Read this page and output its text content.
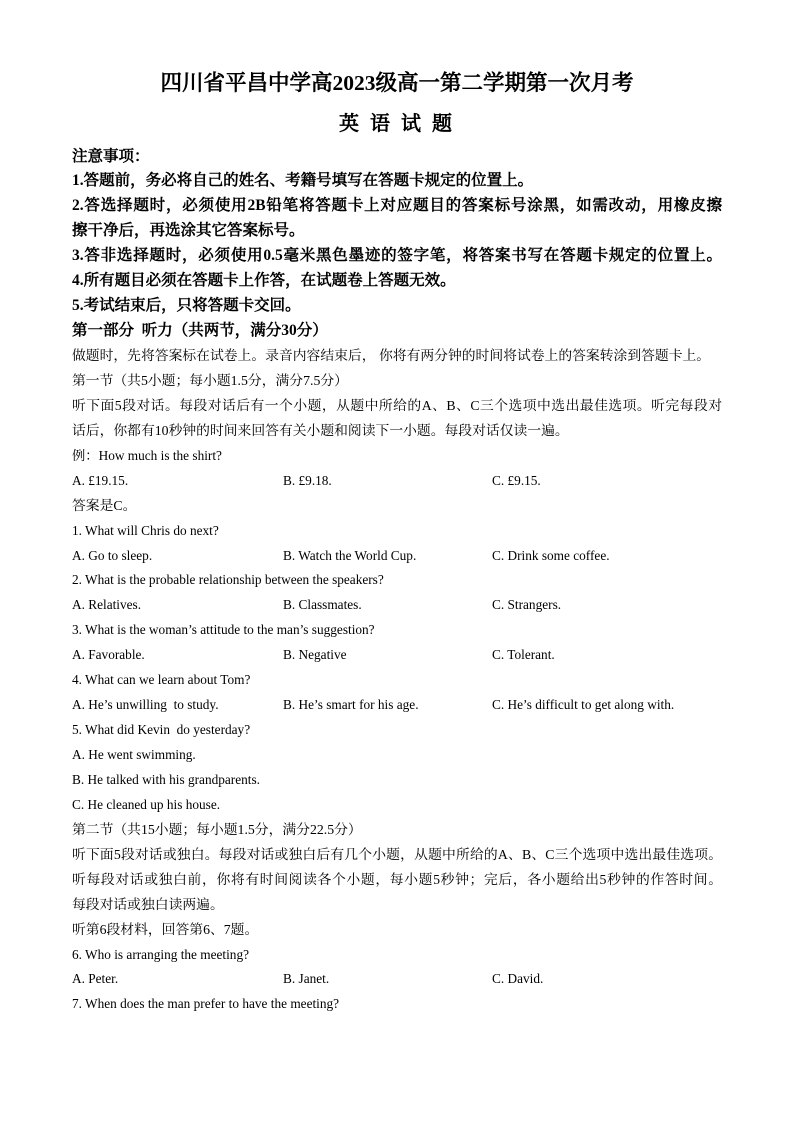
四川省平昌中学高2023级高一第二学期第一次月考
英 语 试 题
注意事项：
1.答题前，务必将自己的姓名、考籍号填写在答题卡规定的位置上。
2.答选择题时，必须使用2B铅笔将答题卡上对应题目的答案标号涂黑，如需改动，用橡皮擦
擦干净后，再选涂其它答案标号。
3.答非选择题时，必须使用0.5毫米黑色墨迹的签字笔，将答案书写在答题卡规定的位置上。
4.所有题目必须在答题卡上作答，在试题卷上答题无效。
5.考试结束后，只将答题卡交回。
第一部分  听力（共两节，满分30分）
做题时，先将答案标在试卷上。录音内容结束后， 你将有两分钟的时间将试卷上的答案转涂到答题卡上。
第一节（共5小题；每小题1.5分，满分7.5分）
听下面5段对话。每段对话后有一个小题，从题中所给的A、B、C三个选项中选出最佳选项。听完每段对
话后，你都有10秒钟的时间来回答有关小题和阅读下一小题。每段对话仅读一遍。
例：How much is the shirt?
A. £19.15.	B. £9.18.	C. £9.15.
答案是C。
1. What will Chris do next?
A. Go to sleep.	B. Watch the World Cup.	C. Drink some coffee.
2. What is the probable relationship between the speakers?
A. Relatives.	B. Classmates.	C. Strangers.
3. What is the woman’s attitude to the man’s suggestion?
A. Favorable.	B. Negative	C. Tolerant.
4. What can we learn about Tom?
A. He’s unwilling  to study.	B. He’s smart for his age.	C. He’s difficult to get along with.
5. What did Kevin  do yesterday?
A. He went swimming.
B. He talked with his grandparents.
C. He cleaned up his house.
第二节（共15小题；每小题1.5分，满分22.5分）
听下面5段对话或独白。每段对话或独白后有几个小题，从题中所给的A、B、C三个选项中选出最佳选项。
听每段对话或独白前，你将有时间阅读各个小题，每小题5秒钟；完后，各小题给出5秒钟的作答时间。
每段对话或独白读两遍。
听第6段材料，回答第6、7题。
6. Who is arranging the meeting?
A. Peter.	B. Janet.	C. David.
7. When does the man prefer to have the meeting?
